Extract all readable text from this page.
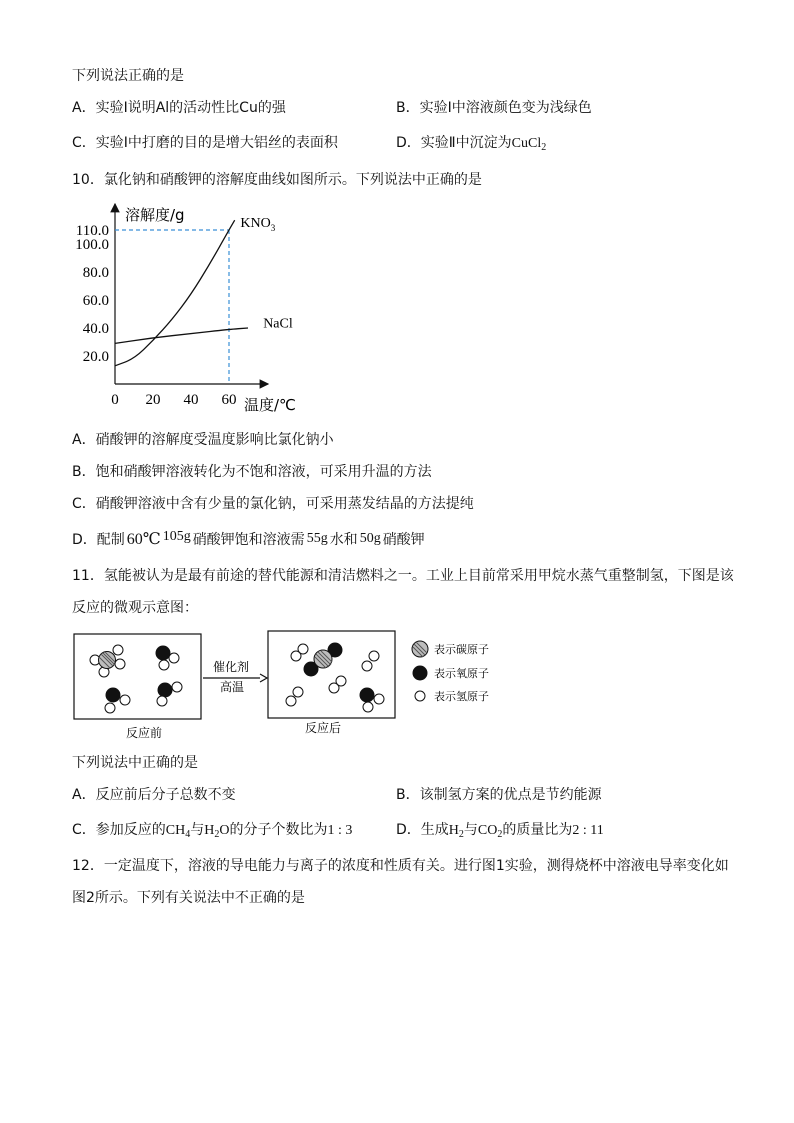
下列说法正确的是
A．实验Ⅰ说明Al的活动性比Cu的强	B．实验Ⅰ中溶液颜色变为浅绿色
C．实验Ⅰ中打磨的目的是增大铝丝的表面积	D．实验Ⅱ中沉淀为CuCl$_2$
10．氯化钠和硝酸钾的溶解度曲线如图所示。下列说法中正确的是
溶解度/g
温度/℃
20.0
40.0
60.0
80.0
100.0
110.0
0 20 40 60
$KNO_3$
NaCl
A．硝酸钾的溶解度受温度影响比氯化钠小
B．饱和硝酸钾溶液转化为不饱和溶液，可采用升温的方法
C．硝酸钾溶液中含有少量的氯化钠，可采用蒸发结晶的方法提纯
D．配制 60℃ 105g 硝酸钾饱和溶液需 55g 水和 50g 硝酸钾
11．氢能被认为是最有前途的替代能源和清洁燃料之一。工业上目前常采用甲烷水蒸气重整制氢，下图是该
反应的微观示意图：
催化剂
高温
反应前	反应后
表示碳原子
表示氧原子
表示氢原子
下列说法中正确的是
A．反应前后分子总数不变	B．该制氢方案的优点是节约能源
C．参加反应的$CH_4$与$H_2O$的分子个数比为1 : 3	D．生成$H_2$与$CO_2$的质量比为2 : 11
12．一定温度下，溶液的导电能力与离子的浓度和性质有关。进行图1实验，测得烧杯中溶液电导率变化如
图2所示。下列有关说法中不正确的是
